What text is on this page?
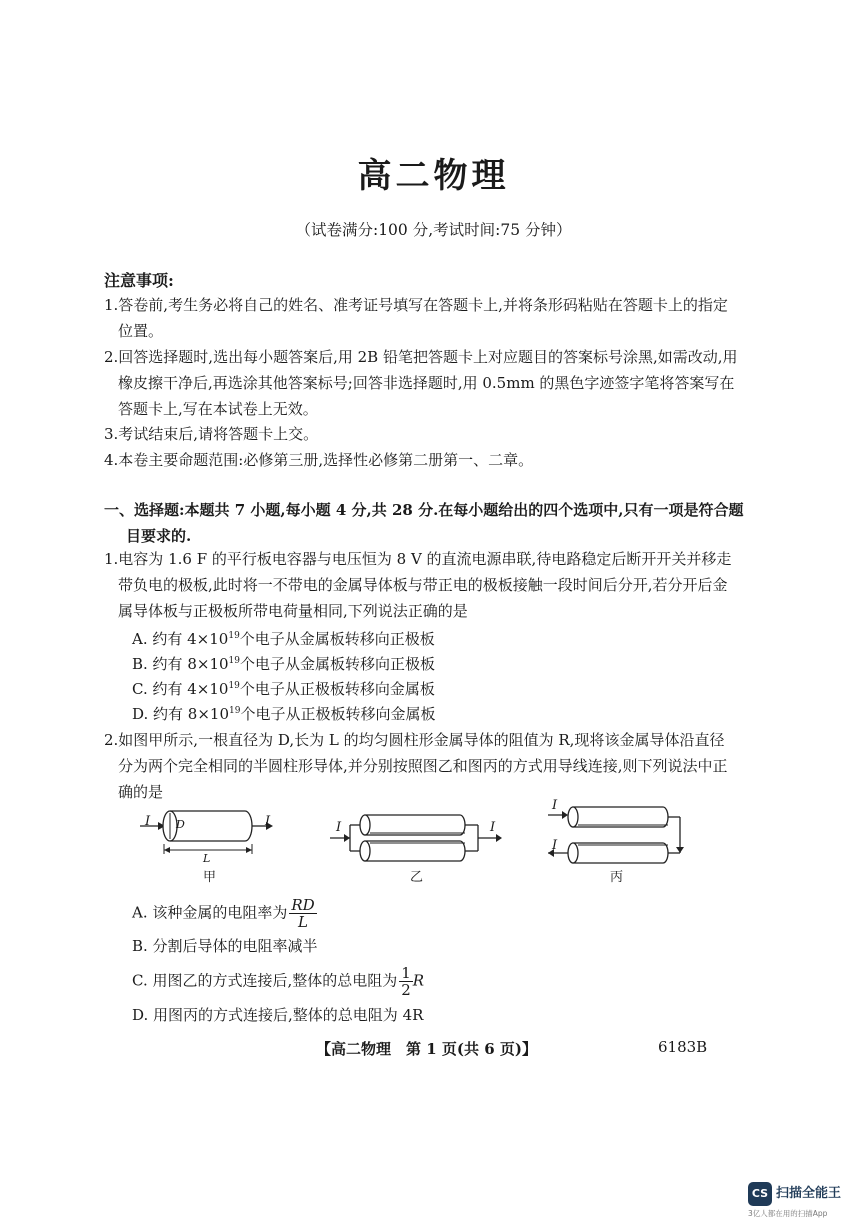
高二物理
（试卷满分:100 分,考试时间:75 分钟）
注意事项:
1.答卷前,考生务必将自己的姓名、准考证号填写在答题卡上,并将条形码粘贴在答题卡上的指定位置。
2.回答选择题时,选出每小题答案后,用 2B 铅笔把答题卡上对应题目的答案标号涂黑,如需改动,用橡皮擦干净后,再选涂其他答案标号;回答非选择题时,用 0.5mm 的黑色字迹签字笔将答案写在答题卡上,写在本试卷上无效。
3.考试结束后,请将答题卡上交。
4.本卷主要命题范围:必修第三册,选择性必修第二册第一、二章。
一、选择题:本题共 7 小题,每小题 4 分,共 28 分.在每小题给出的四个选项中,只有一项是符合题目要求的.
1.电容为 1.6 F 的平行板电容器与电压恒为 8 V 的直流电源串联,待电路稳定后断开开关并移走带负电的极板,此时将一不带电的金属导体板与带正电的极板接触一段时间后分开,若分开后金属导体板与正极板所带电荷量相同,下列说法正确的是
A. 约有 $4\times 10^{19}$个电子从金属板转移向正极板
B. 约有 $8\times 10^{19}$个电子从金属板转移向正极板
C. 约有 $4\times 10^{19}$个电子从正极板转移向金属板
D. 约有 $8\times 10^{19}$个电子从正极板转移向金属板
2.如图甲所示,一根直径为 D,长为 L 的均匀圆柱形金属导体的阻值为 R,现将该金属导体沿直径分为两个完全相同的半圆柱形导体,并分别按照图乙和图丙的方式用导线连接,则下列说法中正确的是
I D	I
L
甲
I	I
乙
I
I
丙
A. 该种金属的电阻率为 $\frac{RD}{L}$
B. 分割后导体的电阻率减半
C. 用图乙的方式连接后,整体的总电阻为 $\frac{1}{2}$ R
D. 用图丙的方式连接后,整体的总电阻为 4R
【高二物理　第 1 页(共 6 页)】	6183B
CS 扫描全能王
3亿人都在用的扫描App
